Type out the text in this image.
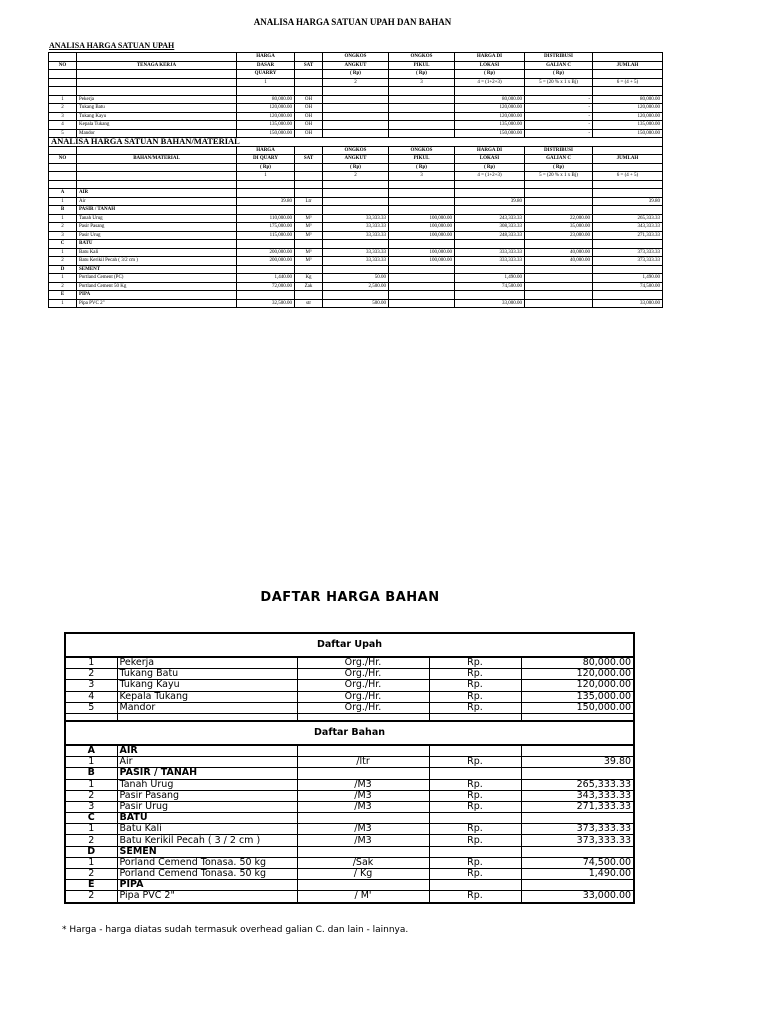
ANALISA HARGA SATUAN UPAH DAN BAHAN
ANALISA HARGA SATUAN UPAH
		HARGA		ONGKOS	ONGKOS	HARGA DI	DISTRIBUSI	
NO	TENAGA KERJA	DASAR	SAT	ANGKUT	PIKUL	LOKASI	GALIAN C	JUMLAH
		QUARRY		( Rp)	( Rp)	( Rp)	( Rp)	
		1		2	3	4 = (1+2+3)	5 = (20 % x 1 x Bj)	6 = (4 + 5)

1	Pekerja	80,000.00	OH			80,000.00	-	80,000.00
2	Tukang Batu	120,000.00	OH			120,000.00	-	120,000.00
3	Tukang Kayu	120,000.00	OH			120,000.00	-	120,000.00
4	Kepala Tukang	135,000.00	OH			135,000.00	-	135,000.00
5	Mandor	150,000.00	OH			150,000.00	-	150,000.00
ANALISA HARGA SATUAN BAHAN/MATERIAL								
		HARGA		ONGKOS	ONGKOS	HARGA DI	DISTRIBUSI	
NO	BAHAN/MATERIAL	DI QUARY	SAT	ANGKUT	PIKUL	LOKASI	GALIAN C	JUMLAH
		( Rp)		( Rp)	( Rp)	( Rp)	( Rp)	
		1		2	3	4 = (1+2+3)	5 = (20 % x 1 x Bj)	6 = (4 + 5)

A	AIR							
1	Air	39.80	Ltr			39.80		39.80
B	PASIR / TANAH							
1	Tanah Urug	110,000.00	M³	33,333.33	100,000.00	243,333.33	22,000.00	265,333.33
2	Pasir Pasang	175,000.00	M³	33,333.33	100,000.00	308,333.33	35,000.00	343,333.33
3	Pasir Urug	115,000.00	M³	33,333.33	100,000.00	248,333.33	23,000.00	271,333.33
C	BATU							
1	Batu Kali	200,000.00	M³	33,333.33	100,000.00	333,333.33	40,000.00	373,333.33
2	Batu Kerikil Pecah ( 3/2 cm )	200,000.00	M³	33,333.33	100,000.00	333,333.33	40,000.00	373,333.33
D	SEMENT							
1	Portland Cement (PC)	1,440.00	Kg	50.00		1,490.00		1,490.00
2	Portland Cement 50 Kg	72,000.00	Zak	2,500.00		74,500.00		74,500.00
E	PIPA							
1	Pipa PVC 2"	32,500.00	str	500.00		33,000.00		33,000.00
DAFTAR HARGA BAHAN
Daftar Upah				
1	Pekerja	Org./Hr.	Rp.	80,000.00
2	Tukang Batu	Org./Hr.	Rp.	120,000.00
3	Tukang Kayu	Org./Hr.	Rp.	120,000.00
4	Kepala Tukang	Org./Hr.	Rp.	135,000.00
5	Mandor	Org./Hr.	Rp.	150,000.00

Daftar Bahan				
A	AIR			
1	Air	/ltr	Rp.	39.80
B	PASIR / TANAH			
1	Tanah Urug	/M3	Rp.	265,333.33
2	Pasir Pasang	/M3	Rp.	343,333.33
3	Pasir Urug	/M3	Rp.	271,333.33
C	BATU			
1	Batu Kali	/M3	Rp.	373,333.33
2	Batu Kerikil Pecah ( 3 / 2 cm )	/M3	Rp.	373,333.33
D	SEMEN			
1	Porland Cemend Tonasa. 50 kg	/Sak	Rp.	74,500.00
2	Porland Cemend Tonasa. 50 kg	/ Kg	Rp.	1,490.00
E	PIPA			
2	Pipa PVC 2"	/ M'	Rp.	33,000.00
* Harga - harga diatas sudah termasuk overhead galian C. dan lain - lainnya.
